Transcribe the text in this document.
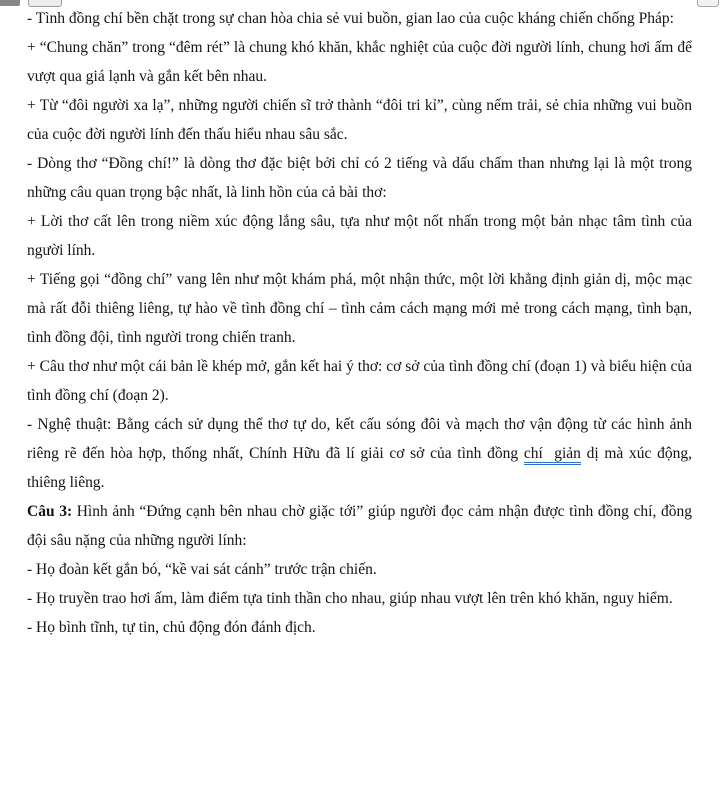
- Tình đồng chí bền chặt trong sự chan hòa chia sẻ vui buồn, gian lao của cuộc kháng chiến chống Pháp:

+ “Chung chăn” trong “đêm rét” là chung khó khăn, khắc nghiệt của cuộc đời người lính, chung hơi ấm để vượt qua giá lạnh và gắn kết bên nhau.

+ Từ “đôi người xa lạ”, những người chiến sĩ trở thành “đôi tri kỉ”, cùng nếm trải, sẻ chia những vui buồn của cuộc đời người lính đến thấu hiểu nhau sâu sắc.

- Dòng thơ “Đồng chí!” là dòng thơ đặc biệt bởi chỉ có 2 tiếng và dấu chấm than nhưng lại là một trong những câu quan trọng bậc nhất, là linh hồn của cả bài thơ:

+ Lời thơ cất lên trong niềm xúc động lắng sâu, tựa như một nốt nhấn trong một bản nhạc tâm tình của người lính.

+ Tiếng gọi “đồng chí” vang lên như một khám phá, một nhận thức, một lời khẳng định giản dị, mộc mạc mà rất đỗi thiêng liêng, tự hào về tình đồng chí – tình cảm cách mạng mới mẻ trong cách mạng, tình bạn, tình đồng đội, tình người trong chiến tranh.

+ Câu thơ như một cái bản lề khép mở, gắn kết hai ý thơ: cơ sở của tình đồng chí (đoạn 1) và biểu hiện của tình đồng chí (đoạn 2).

- Nghệ thuật: Bằng cách sử dụng thể thơ tự do, kết cấu sóng đôi và mạch thơ vận động từ các hình ảnh riêng rẽ đến hòa hợp, thống nhất, Chính Hữu đã lí giải cơ sở của tình đồng chí  giản dị mà xúc động, thiêng liêng.

Câu 3: Hình ảnh “Đứng cạnh bên nhau chờ giặc tới” giúp người đọc cảm nhận được tình đồng chí, đồng đội sâu nặng của những người lính:

- Họ đoàn kết gắn bó, “kề vai sát cánh” trước trận chiến.

- Họ truyền trao hơi ấm, làm điểm tựa tinh thần cho nhau, giúp nhau vượt lên trên khó khăn, nguy hiểm.

- Họ bình tĩnh, tự tin, chủ động đón đánh địch.
